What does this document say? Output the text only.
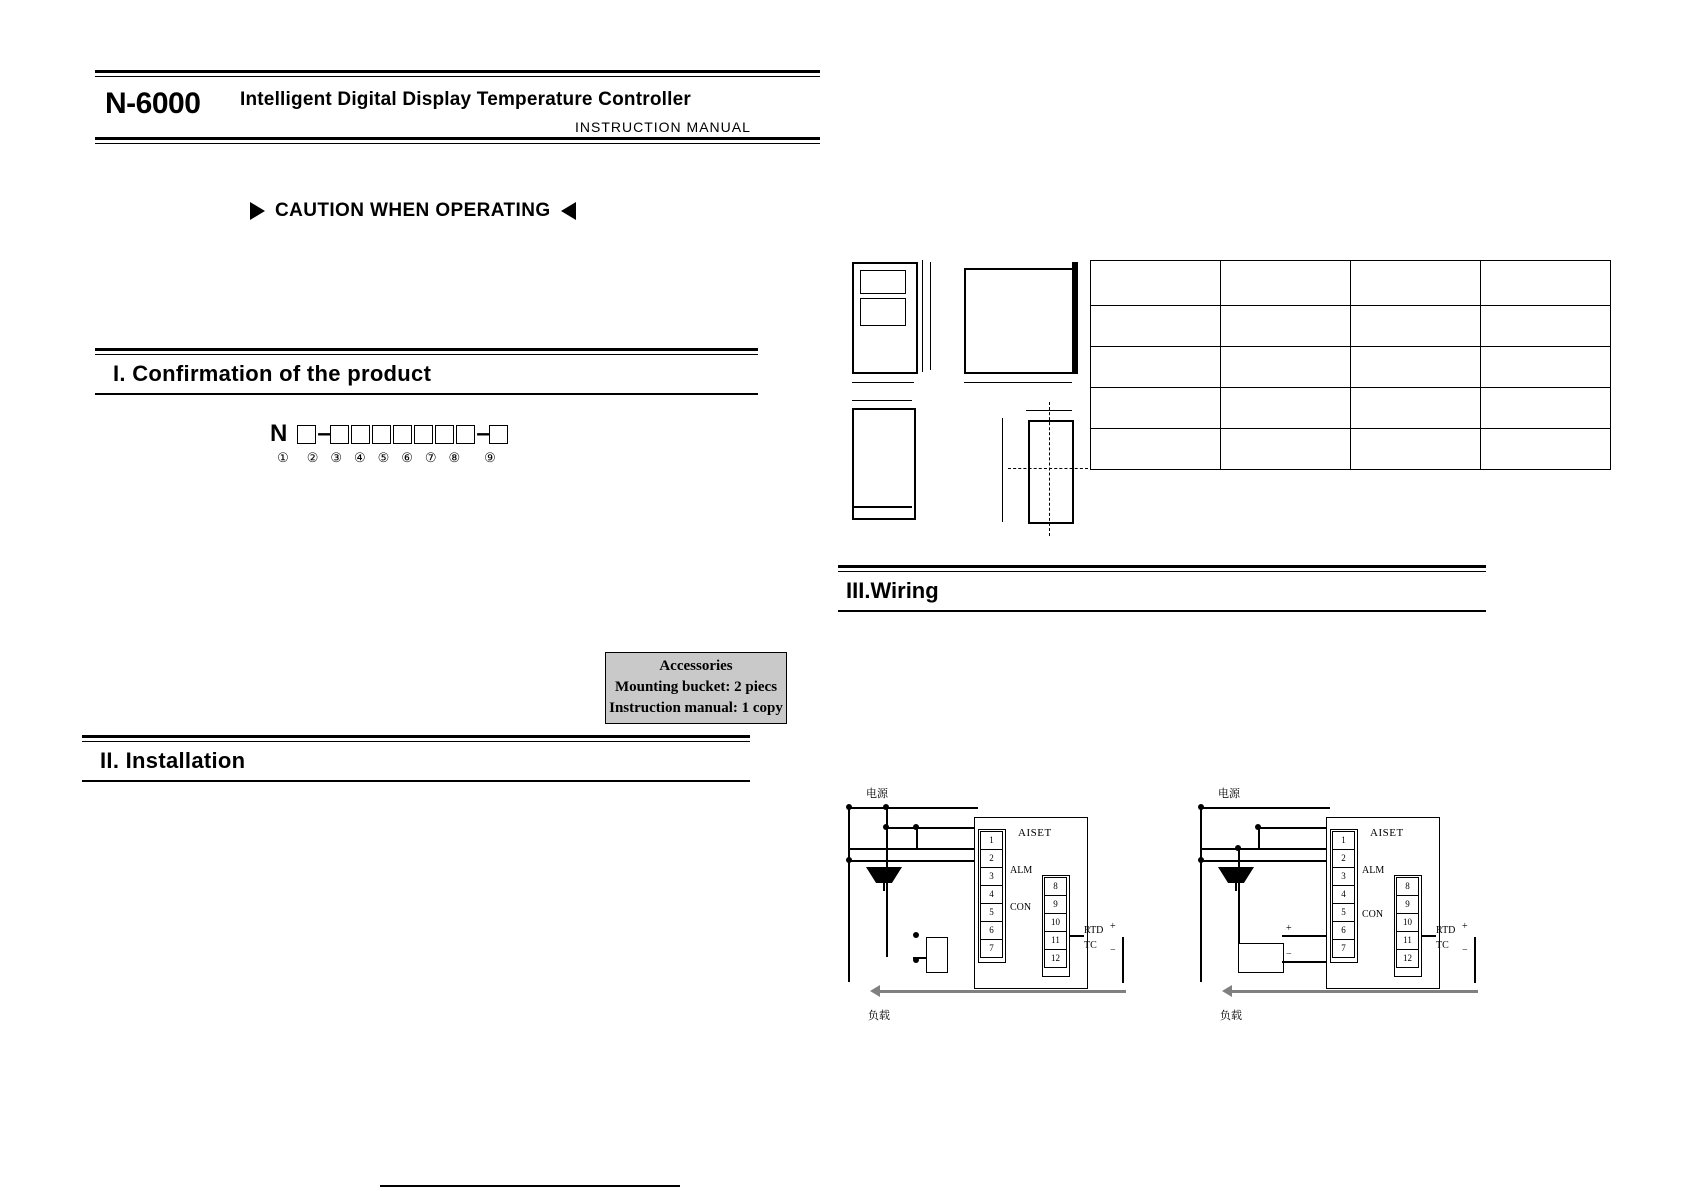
N-6000 Intelligent Digital Display Temperature Controller
INSTRUCTION MANUAL
CAUTION WHEN OPERATING
I. Confirmation of the product
N –	–
① ② ③ ④ ⑤ ⑥ ⑦ ⑧ ⑨
Accessories
Mounting bucket: 2 piecs
Instruction manual: 1 copy
II. Installation

III.Wiring
电源
负载
AISET
1
2
3
4
5
6
7
ALM
CON
8
9
10
11
12
RTD
TC
+
−
电源
负载
+
−
AISET
1
2
3
4
5
6
7
ALM
CON
8
9
10
11
12
RTD
TC
+
−
